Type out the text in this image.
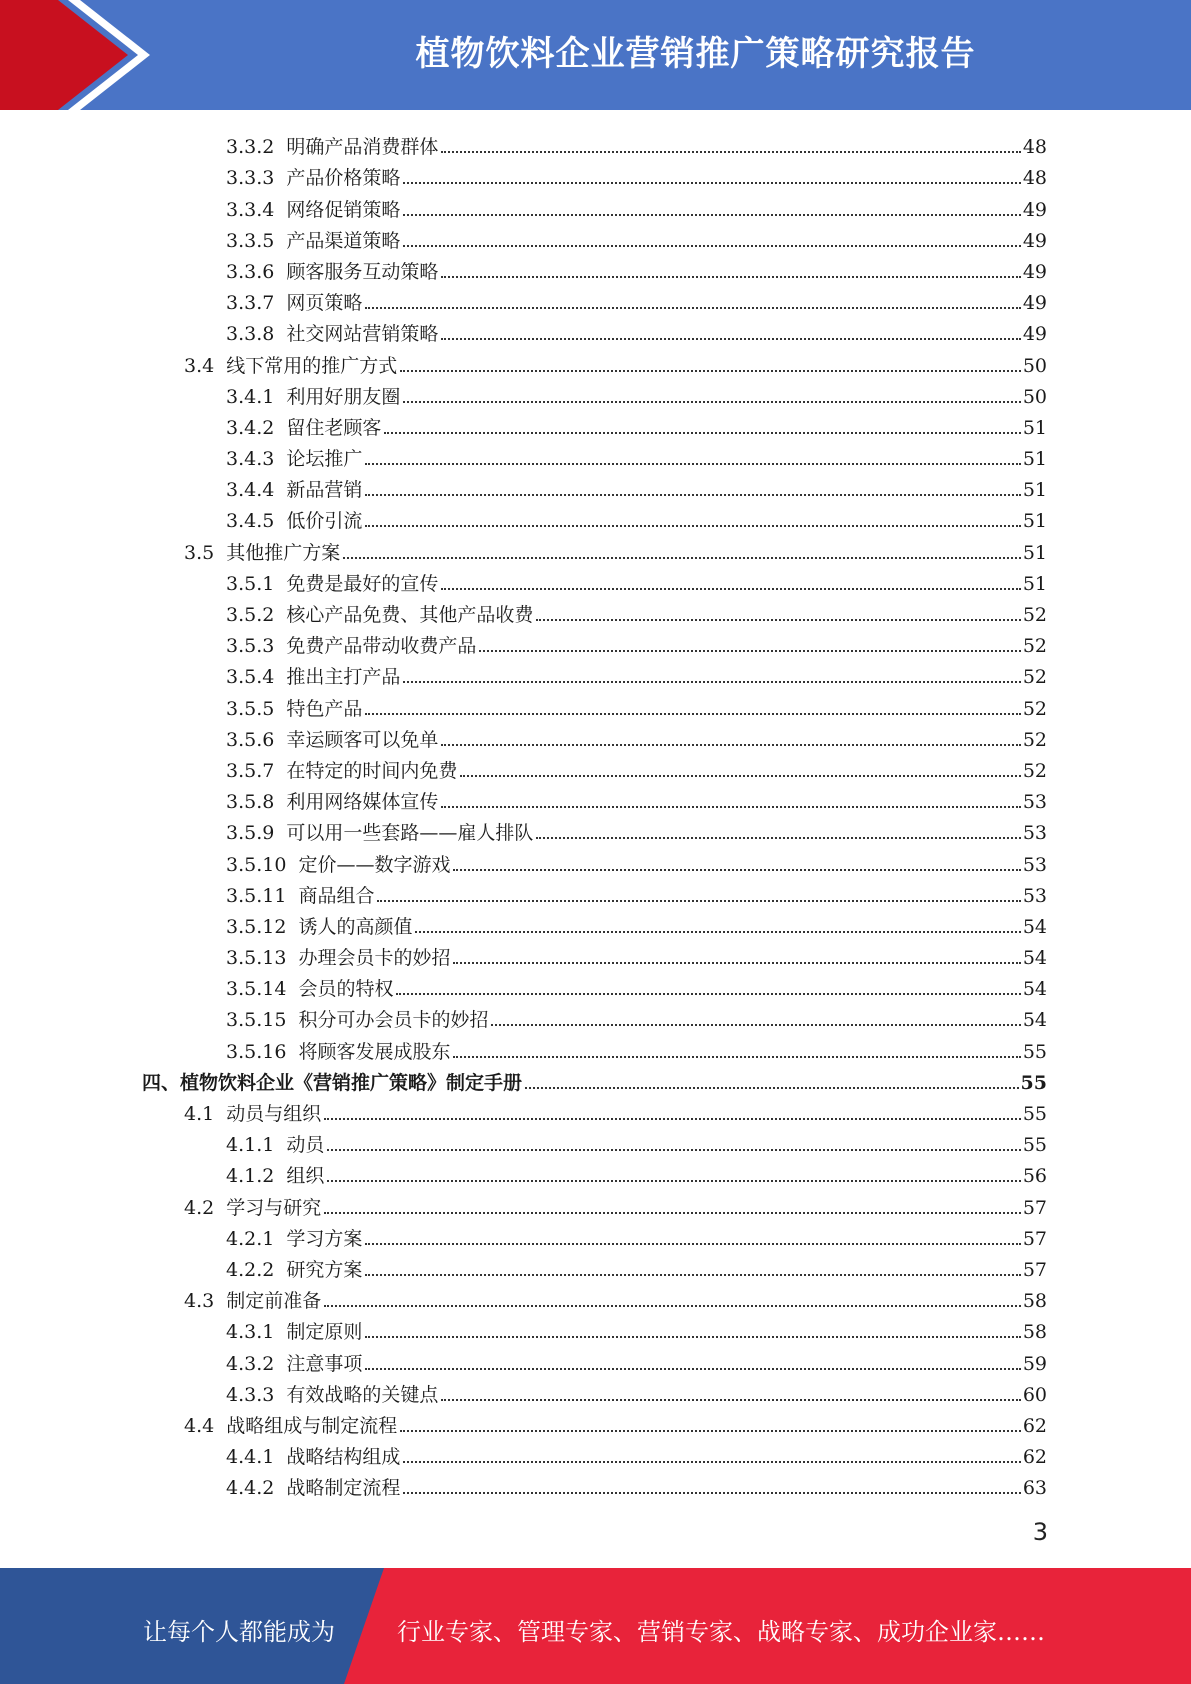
植物饮料企业营销推广策略研究报告
3.3.2 明确产品消费群体	48
3.3.3 产品价格策略	48
3.3.4 网络促销策略	49
3.3.5 产品渠道策略	49
3.3.6 顾客服务互动策略	49
3.3.7 网页策略	49
3.3.8 社交网站营销策略	49
3.4 线下常用的推广方式	50
3.4.1 利用好朋友圈	50
3.4.2 留住老顾客	51
3.4.3 论坛推广	51
3.4.4 新品营销	51
3.4.5 低价引流	51
3.5 其他推广方案	51
3.5.1 免费是最好的宣传	51
3.5.2 核心产品免费、其他产品收费	52
3.5.3 免费产品带动收费产品	52
3.5.4 推出主打产品	52
3.5.5 特色产品	52
3.5.6 幸运顾客可以免单	52
3.5.7 在特定的时间内免费	52
3.5.8 利用网络媒体宣传	53
3.5.9 可以用一些套路——雇人排队	53
3.5.10 定价——数字游戏	53
3.5.11 商品组合	53
3.5.12 诱人的高颜值	54
3.5.13 办理会员卡的妙招	54
3.5.14 会员的特权	54
3.5.15 积分可办会员卡的妙招	54
3.5.16 将顾客发展成股东	55
四、植物饮料企业《营销推广策略》制定手册	55
4.1 动员与组织	55
4.1.1 动员	55
4.1.2 组织	56
4.2 学习与研究	57
4.2.1 学习方案	57
4.2.2 研究方案	57
4.3 制定前准备	58
4.3.1 制定原则	58
4.3.2 注意事项	59
4.3.3 有效战略的关键点	60
4.4 战略组成与制定流程	62
4.4.1 战略结构组成	62
4.4.2 战略制定流程	63
3
让每个人都能成为	行业专家、管理专家、营销专家、战略专家、成功企业家……
